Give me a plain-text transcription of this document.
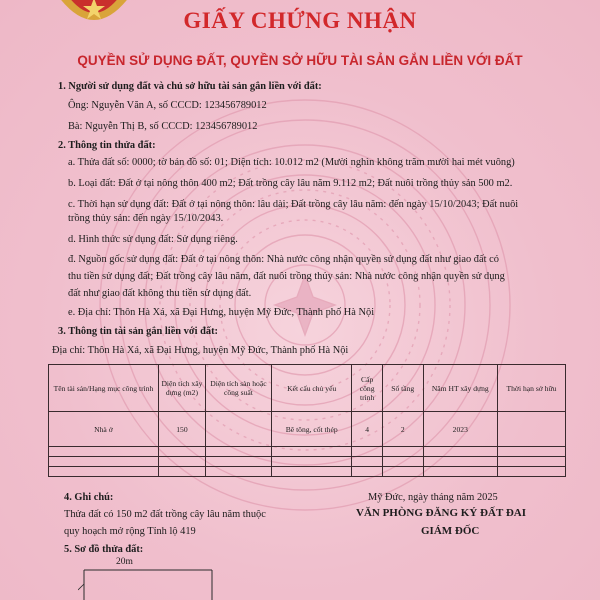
GIẤY CHỨNG NHẬN
QUYỀN SỬ DỤNG ĐẤT, QUYỀN SỞ HỮU TÀI SẢN GẮN LIỀN VỚI ĐẤT
1. Người sử dụng đất và chủ sở hữu tài sản gắn liền với đất:
Ông: Nguyễn Văn A, số CCCD: 123456789012
Bà: Nguyễn Thị B, số CCCD: 123456789012
2. Thông tin thửa đất:
a. Thửa đất số: 0000; tờ bản đồ số: 01; Diện tích: 10.012 m2 (Mười nghìn không trăm mười hai mét vuông)
b. Loại đất: Đất ở tại nông thôn 400 m2; Đất trồng cây lâu năm 9.112 m2; Đất nuôi trồng thủy sản 500 m2.
c. Thời hạn sử dụng đất: Đất ở tại nông thôn: lâu dài; Đất trồng cây lâu năm: đến ngày 15/10/2043; Đất nuôi
trồng thủy sản: đến ngày 15/10/2043.
d. Hình thức sử dụng đất: Sử dụng riêng.
đ. Nguồn gốc sử dụng đất: Đất ở tại nông thôn: Nhà nước công nhận quyền sử dụng đất như giao đất có
thu tiền sử dụng đất; Đất trồng cây lâu năm, đất nuôi trồng thủy sản: Nhà nước công nhận quyền sử dụng
đất như giao đất không thu tiền sử dụng đất.
e. Địa chỉ: Thôn Hà Xá, xã Đại Hưng, huyện Mỹ Đức, Thành phố Hà Nội
3. Thông tin tài sản gắn liền với đất:
Địa chỉ: Thôn Hà Xá, xã Đại Hưng, huyện Mỹ Đức, Thành phố Hà Nội
Tên tài sản/Hạng mục công trình	Diện tích xây dựng (m2)	Diện tích sàn hoặc công suất	Kết cấu chủ yếu	Cấp công trình	Số tầng	Năm HT xây dựng	Thời hạn sở hữu
Nhà ở	150		Bê tông, cốt thép	4	2	2023	

4. Ghi chú:
Thửa đất có 150 m2 đất trồng cây lâu năm thuộc
quy hoạch mở rộng Tỉnh lộ 419
Mỹ Đức, ngày tháng năm 2025
VĂN PHÒNG ĐĂNG KÝ ĐẤT ĐAI
GIÁM ĐỐC
5. Sơ đồ thửa đất:
20m
